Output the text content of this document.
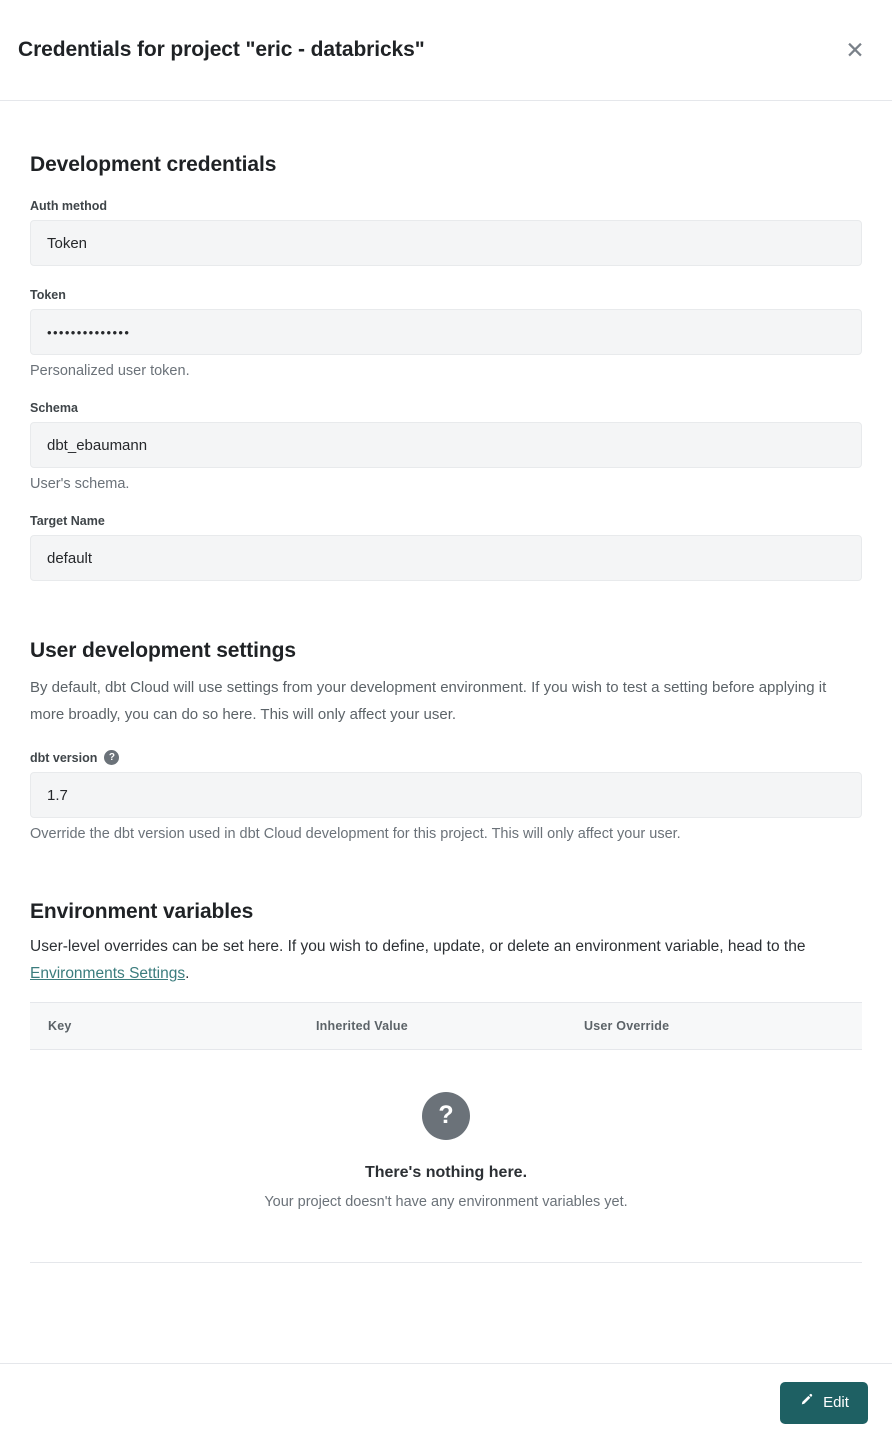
Credentials for project "eric - databricks"	✕
Development credentials
Auth method
Token
Token
••••••••••••••
Personalized user token.
Schema
dbt_ebaumann
User's schema.
Target Name
default
User development settings
By default, dbt Cloud will use settings from your development environment. If you wish to test a setting before applying it more broadly, you can do so here. This will only affect your user.
dbt version	?
1.7
Override the dbt version used in dbt Cloud development for this project. This will only affect your user.
Environment variables
User-level overrides can be set here. If you wish to define, update, or delete an environment variable, head to the Environments Settings.
Key	Inherited Value	User Override
?
There's nothing here.
Your project doesn't have any environment variables yet.
Edit
